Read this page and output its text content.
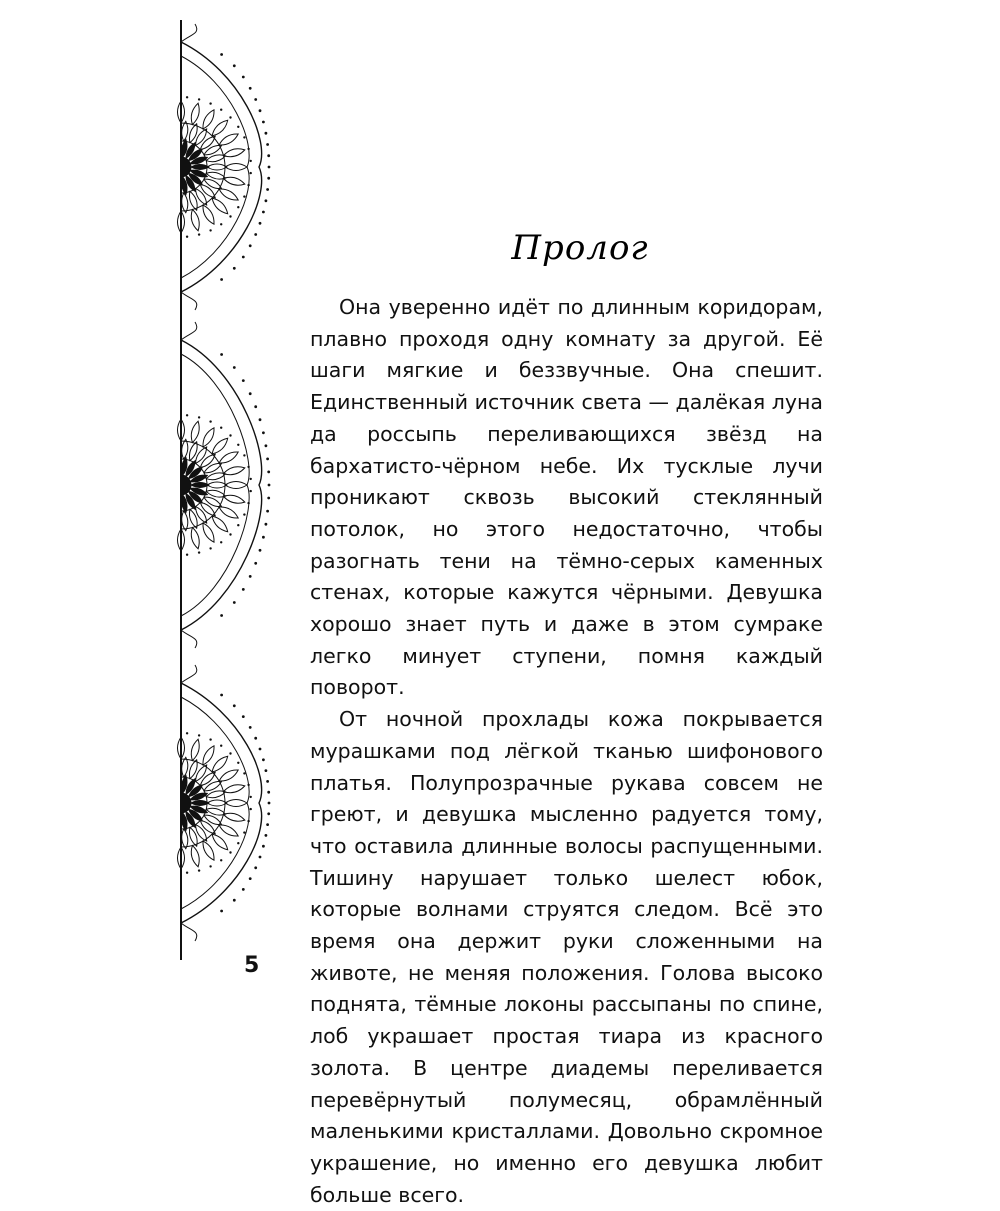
Пролог

Она уверенно идёт по длинным коридорам, плавно проходя одну комнату за другой. Её шаги мягкие и беззвучные. Она спешит. Единственный источник света — далёкая луна да россыпь переливающихся звёзд на бархатисто-чёрном небе. Их тусклые лучи проникают сквозь высокий стеклянный потолок, но этого недостаточно, чтобы разогнать тени на тёмно-серых каменных стенах, которые кажутся чёрными. Девушка хорошо знает путь и даже в этом сумраке легко минует ступени, помня каждый поворот.

От ночной прохлады кожа покрывается мурашками под лёгкой тканью шифонового платья. Полупрозрачные рукава совсем не греют, и девушка мысленно радуется тому, что оставила длинные волосы распущенными. Тишину нарушает только шелест юбок, которые волнами струятся следом. Всё это время она держит руки сложенными на животе, не меняя положения. Голова высоко поднята, тёмные локоны рассыпаны по спине, лоб украшает простая тиара из красного золота. В центре диадемы переливается перевёрнутый полумесяц, обрамлённый маленькими кристаллами. Довольно скромное украшение, но именно его девушка любит больше всего.

5
